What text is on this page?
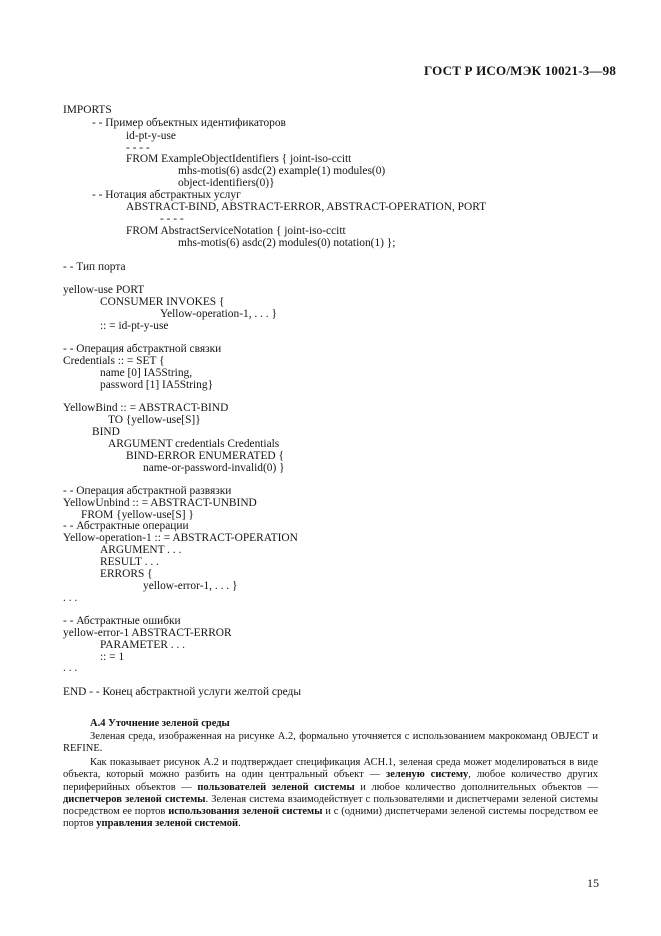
ГОСТ Р ИСО/МЭК 10021-3—98
IMPORTS
- - Пример объектных идентификаторов
id-pt-y-use
- - - -
FROM ExampleObjectIdentifiers { joint-iso-ccitt
mhs-motis(6) asdc(2) example(1) modules(0)
object-identifiers(0)}
- - Нотация абстрактных услуг
ABSTRACT-BIND, ABSTRACT-ERROR, ABSTRACT-OPERATION, PORT
- - - -
FROM AbstractServiceNotation { joint-iso-ccitt
mhs-motis(6) asdc(2) modules(0) notation(1) };
- - Тип порта
yellow-use PORT
CONSUMER INVOKES {
Yellow-operation-1, . . . }
:: = id-pt-y-use
- - Операция абстрактной связки
Credentials :: = SET {
name [0] IA5String,
password [1] IA5String}
YellowBind :: = ABSTRACT-BIND
TO {yellow-use[S]}
BIND
ARGUMENT credentials Credentials
BIND-ERROR ENUMERATED {
name-or-password-invalid(0) }
- - Операция абстрактной развязки
YellowUnbind :: = ABSTRACT-UNBIND
FROM {yellow-use[S] }
- - Абстрактные операции
Yellow-operation-1 :: = ABSTRACT-OPERATION
ARGUMENT . . .
RESULT . . .
ERRORS {
yellow-error-1, . . . }
. . .
- - Абстрактные ошибки
yellow-error-1 ABSTRACT-ERROR
PARAMETER . . .
:: = 1
. . .
END - - Конец абстрактной услуги желтой среды
А.4 Уточнение зеленой среды
Зеленая среда, изображенная на рисунке А.2, формально уточняется с использованием макрокоманд OBJECT и REFINE.
Как показывает рисунок А.2 и подтверждает спецификация АСН.1, зеленая среда может моделироваться в виде объекта, который можно разбить на один центральный объект — зеленую систему, любое количество других периферийных объектов — пользователей зеленой системы и любое количество дополнительных объектов — диспетчеров зеленой системы. Зеленая система взаимодействует с пользователями и диспетчерами зеленой системы посредством ее портов использования зеленой системы и с (одними) диспетчерами зеленой системы посредством ее портов управления зеленой системой.
15
